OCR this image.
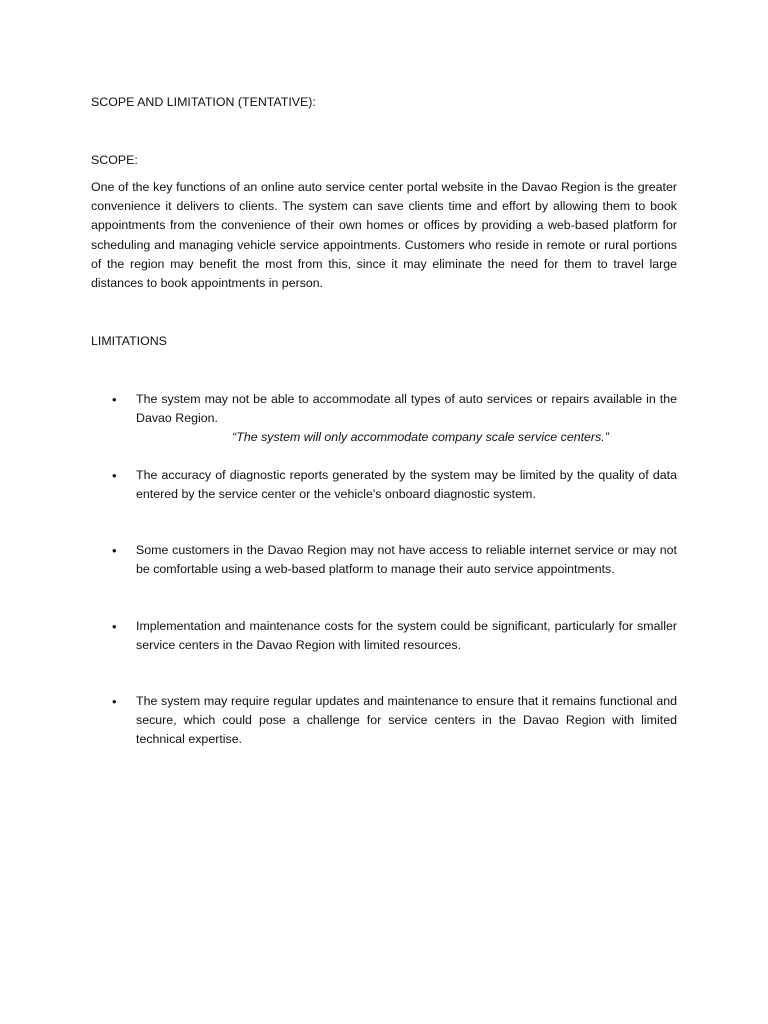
SCOPE AND LIMITATION (TENTATIVE):
SCOPE:

One of the key functions of an online auto service center portal website in the Davao Region is the greater convenience it delivers to clients. The system can save clients time and effort by allowing them to book appointments from the convenience of their own homes or offices by providing a web-based platform for scheduling and managing vehicle service appointments. Customers who reside in remote or rural portions of the region may benefit the most from this, since it may eliminate the need for them to travel large distances to book appointments in person.

LIMITATIONS
•	The system may not be able to accommodate all types of auto services or repairs available in the Davao Region.
“The system will only accommodate company scale service centers.”
•	The accuracy of diagnostic reports generated by the system may be limited by the quality of data entered by the service center or the vehicle's onboard diagnostic system.
•	Some customers in the Davao Region may not have access to reliable internet service or may not be comfortable using a web-based platform to manage their auto service appointments.
•	Implementation and maintenance costs for the system could be significant, particularly for smaller service centers in the Davao Region with limited resources.
•	The system may require regular updates and maintenance to ensure that it remains functional and secure, which could pose a challenge for service centers in the Davao Region with limited technical expertise.
